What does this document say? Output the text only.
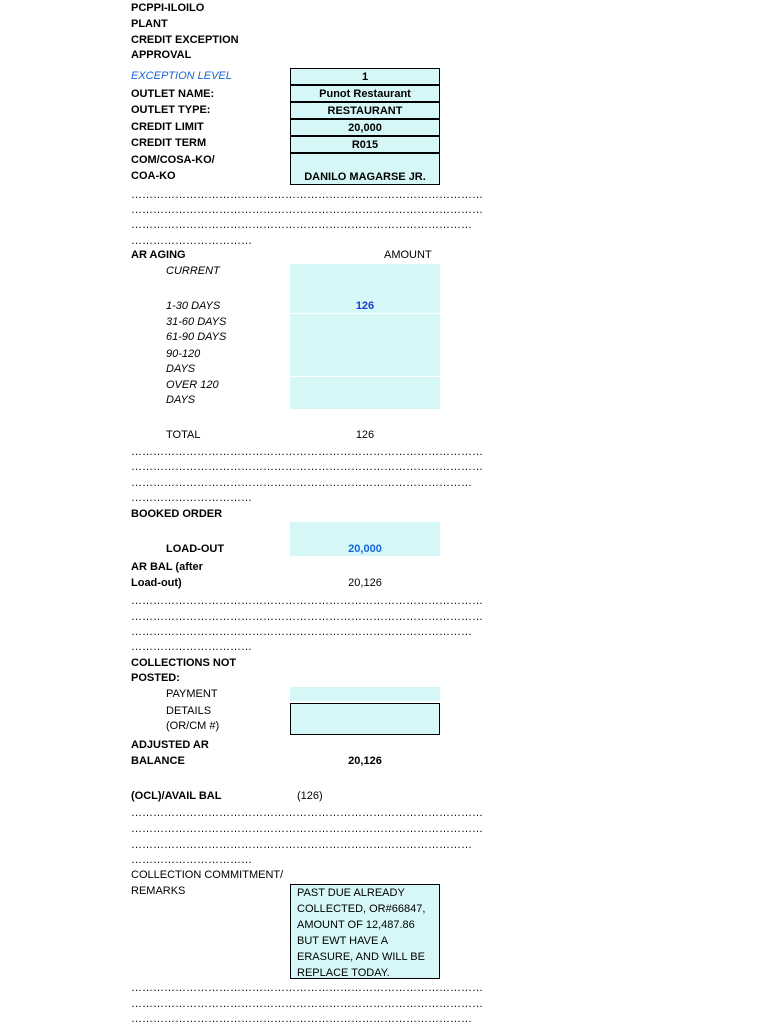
PCPPI-ILOILO
PLANT
CREDIT EXCEPTION
APPROVAL
EXCEPTION LEVEL	1
OUTLET NAME:	Punot Restaurant
OUTLET TYPE:	RESTAURANT
CREDIT LIMIT	20,000
CREDIT TERM	R015
COM/COSA-KO/
COA-KO	DANILO MAGARSE JR.
……………………………………………………………………………………
……………………………………………………………………………………
…………………………………………………………………………………
……………………………
AR AGING	AMOUNT
CURRENT
1-30 DAYS	126
31-60 DAYS
61-90 DAYS
90-120
DAYS
OVER 120
DAYS
TOTAL	126
……………………………………………………………………………………
……………………………………………………………………………………
…………………………………………………………………………………
……………………………
BOOKED ORDER
LOAD-OUT	20,000
AR BAL (after
Load-out)	20,126
……………………………………………………………………………………
……………………………………………………………………………………
…………………………………………………………………………………
……………………………
COLLECTIONS NOT
POSTED:
PAYMENT
DETAILS
(OR/CM #)
ADJUSTED AR
BALANCE	20,126
(OCL)/AVAIL BAL	(126)
……………………………………………………………………………………
……………………………………………………………………………………
…………………………………………………………………………………
……………………………
COLLECTION COMMITMENT/
REMARKS	PAST DUE ALREADY COLLECTED, OR#66847, AMOUNT OF 12,487.86 BUT EWT HAVE A ERASURE, AND WILL BE REPLACE TODAY.
……………………………………………………………………………………
……………………………………………………………………………………
…………………………………………………………………………………
